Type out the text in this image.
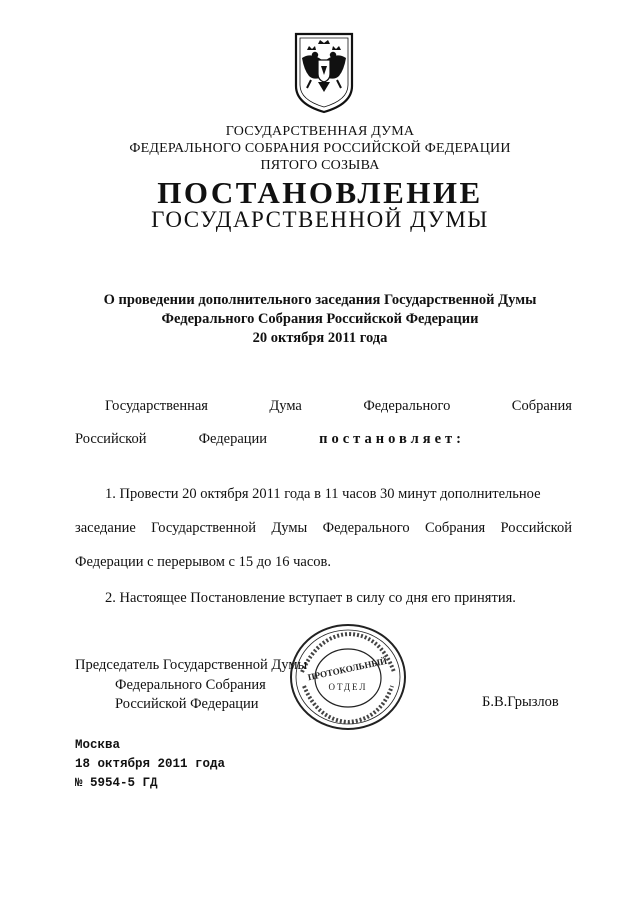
ГОСУДАРСТВЕННАЯ ДУМА
ФЕДЕРАЛЬНОГО СОБРАНИЯ РОССИЙСКОЙ ФЕДЕРАЦИИ
ПЯТОГО СОЗЫВА
ПОСТАНОВЛЕНИЕ
ГОСУДАРСТВЕННОЙ ДУМЫ
О проведении дополнительного заседания Государственной Думы
Федерального Собрания Российской Федерации
20 октября 2011 года
Государственная	Дума	Федерального	Собрания
Российской	Федерации	постановляет:
1. Провести 20 октября 2011 года в 11 часов 30 минут дополнительное
заседание Государственной Думы Федерального Собрания Российской
Федерации с перерывом с 15 до 16 часов.
2. Настоящее Постановление вступает в силу со дня его принятия.
ПРОТОКОЛЬНЫЙ
ОТДЕЛ
Председатель Государственной Думы
Федерального Собрания
Российской Федерации	Б.В.Грызлов
Москва
18 октября 2011 года
№ 5954-5 ГД
